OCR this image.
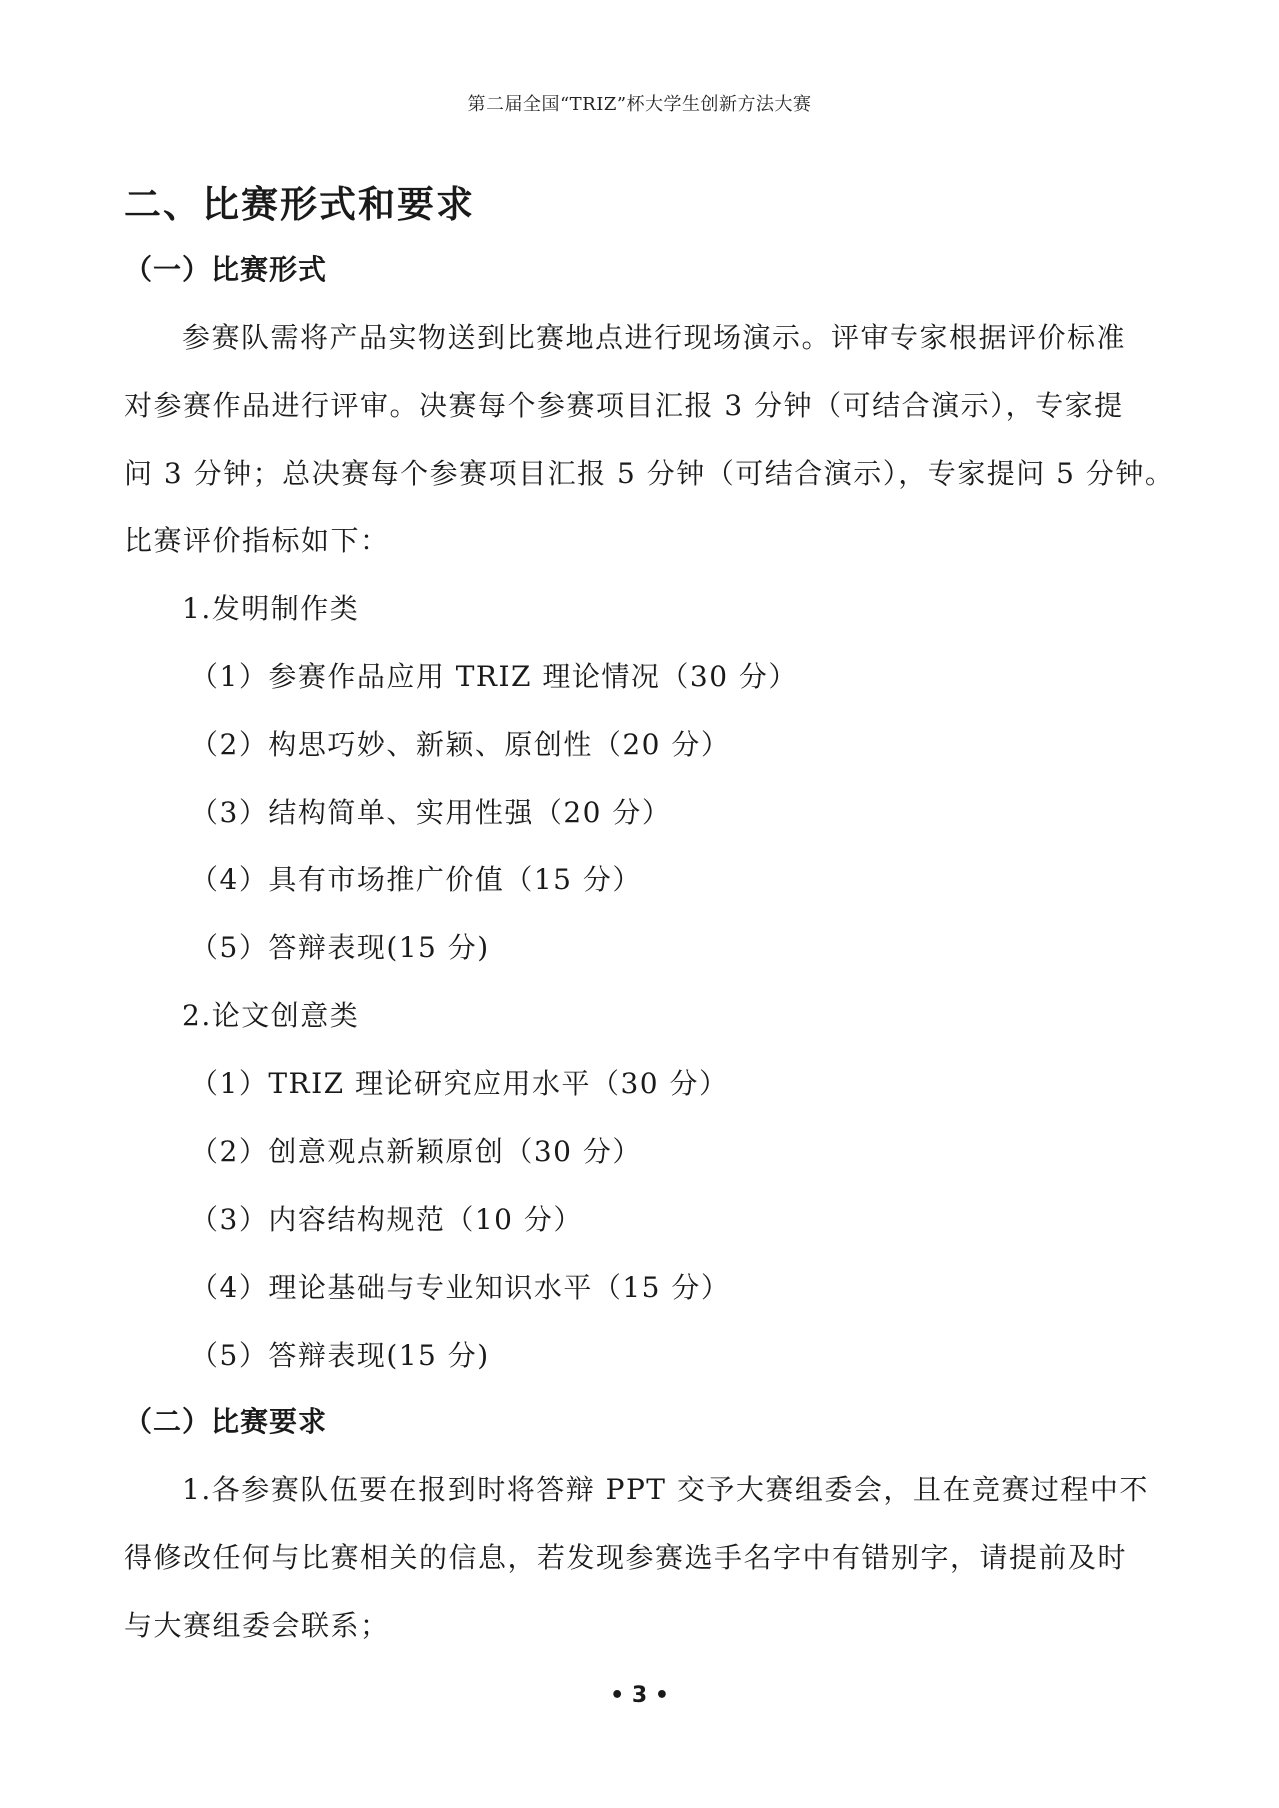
第二届全国“TRIZ”杯大学生创新方法大赛
二、比赛形式和要求
（一）比赛形式
参赛队需将产品实物送到比赛地点进行现场演示。评审专家根据评价标准
对参赛作品进行评审。决赛每个参赛项目汇报 3 分钟（可结合演示），专家提
问 3 分钟；总决赛每个参赛项目汇报 5 分钟（可结合演示），专家提问 5 分钟。
比赛评价指标如下：
1.发明制作类
（1）参赛作品应用 TRIZ 理论情况（30 分）
（2）构思巧妙、新颖、原创性（20 分）
（3）结构简单、实用性强（20 分）
（4）具有市场推广价值（15 分）
（5）答辩表现(15 分)
2.论文创意类
（1）TRIZ 理论研究应用水平（30 分）
（2）创意观点新颖原创（30 分）
（3）内容结构规范（10 分）
（4）理论基础与专业知识水平（15 分）
（5）答辩表现(15 分)
（二）比赛要求
1.各参赛队伍要在报到时将答辩 PPT 交予大赛组委会，且在竞赛过程中不
得修改任何与比赛相关的信息，若发现参赛选手名字中有错别字，请提前及时
与大赛组委会联系；
• 3 •
